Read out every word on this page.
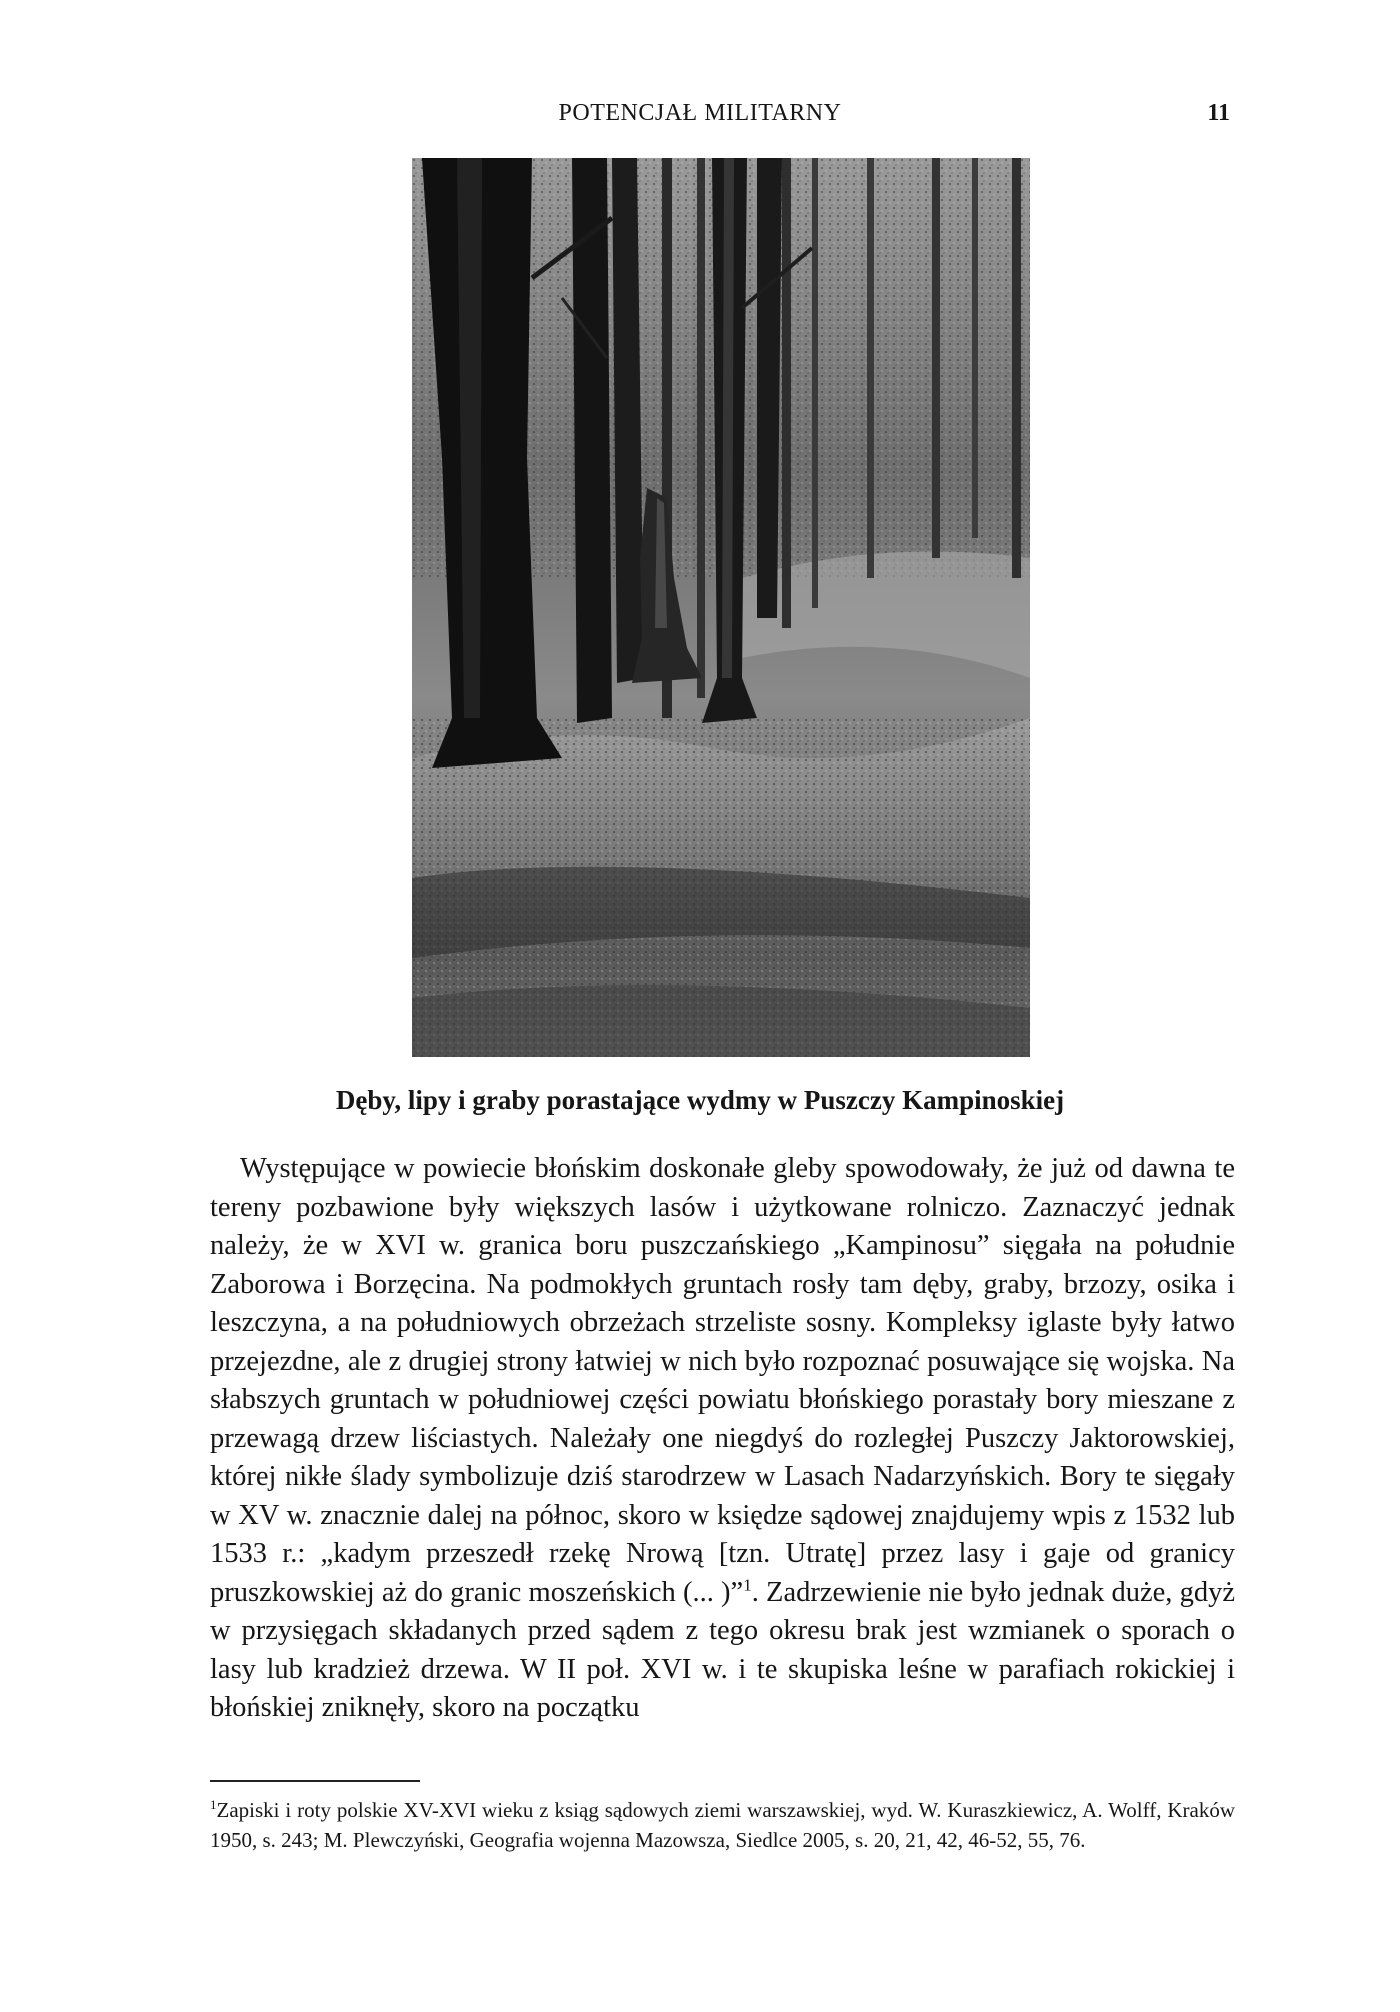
POTENCJAŁ MILITARNY	11
Dęby, lipy i graby porastające wydmy w Puszczy Kampinoskiej

Występujące w powiecie błońskim doskonałe gleby spowodowały, że już od dawna te tereny pozbawione były większych lasów i użytkowane rolniczo. Zaznaczyć jednak należy, że w XVI w. granica boru puszczańskiego „Kampinosu” sięgała na południe Zaborowa i Borzęcina. Na podmokłych gruntach rosły tam dęby, graby, brzozy, osika i leszczyna, a na południowych obrzeżach strzeliste sosny. Kompleksy iglaste były łatwo przejezdne, ale z drugiej strony łatwiej w nich było rozpoznać posuwające się wojska. Na słabszych gruntach w południowej części powiatu błońskiego porastały bory mieszane z przewagą drzew liściastych. Należały one niegdyś do rozległej Puszczy Jaktorowskiej, której nikłe ślady symbolizuje dziś starodrzew w Lasach Nadarzyńskich. Bory te sięgały w XV w. znacznie dalej na północ, skoro w księdze sądowej znajdujemy wpis z 1532 lub 1533 r.: „kadym przeszedł rzekę Nrową [tzn. Utratę] przez lasy i gaje od granicy pruszkowskiej aż do granic moszeńskich (... )”$^1$. Zadrzewienie nie było jednak duże, gdyż w przysięgach składanych przed sądem z tego okresu brak jest wzmianek o sporach o lasy lub kradzież drzewa. W II poł. XVI w. i te skupiska leśne w parafiach rokickiej i błońskiej zniknęły, skoro na początku

$^1$Zapiski i roty polskie XV-XVI wieku z ksiąg sądowych ziemi warszawskiej, wyd. W. Kuraszkiewicz, A. Wolff, Kraków 1950, s. 243; M. Plewczyński, Geografia wojenna Mazowsza, Siedlce 2005, s. 20, 21, 42, 46-52, 55, 76.
